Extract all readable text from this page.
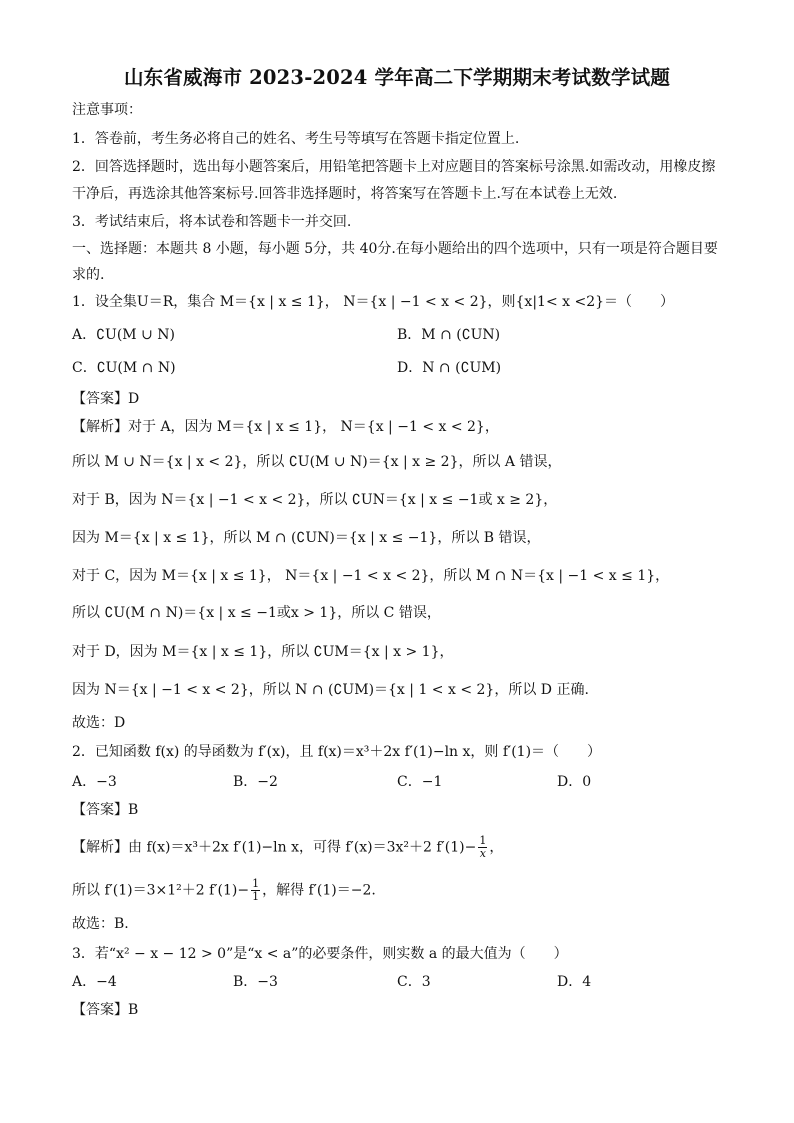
山东省威海市 2023-2024 学年高二下学期期末考试数学试题
注意事项：
1．答卷前，考生务必将自己的姓名、考生号等填写在答题卡指定位置上.
2．回答选择题时，选出每小题答案后，用铅笔把答题卡上对应题目的答案标号涂黑.如需改动，用橡皮擦
干净后，再选涂其他答案标号.回答非选择题时，将答案写在答题卡上.写在本试卷上无效.
3．考试结束后，将本试卷和答题卡一并交回.
一、选择题：本题共 8 小题，每小题 5分，共 40分.在每小题给出的四个选项中，只有一项是符合题目要
求的.
1．设全集U＝R，集合 M＝{x | x ≤ 1}， N＝{x | −1 < x < 2}，则{x|1< x <2}＝（　　）
A．∁U(M ∪ N)	B．M ∩ (∁UN)
C．∁U(M ∩ N)	D．N ∩ (∁UM)
【答案】D
【解析】对于 A，因为 M＝{x | x ≤ 1}， N＝{x | −1 < x < 2}，
所以 M ∪ N＝{x | x < 2}，所以 ∁U(M ∪ N)＝{x | x ≥ 2}，所以 A 错误，
对于 B，因为 N＝{x | −1 < x < 2}，所以 ∁UN＝{x | x ≤ −1或 x ≥ 2}，
因为 M＝{x | x ≤ 1}，所以 M ∩ (∁UN)＝{x | x ≤ −1}，所以 B 错误，
对于 C，因为 M＝{x | x ≤ 1}， N＝{x | −1 < x < 2}，所以 M ∩ N＝{x | −1 < x ≤ 1}，
所以 ∁U(M ∩ N)＝{x | x ≤ −1或x > 1}，所以 C 错误，
对于 D，因为 M＝{x | x ≤ 1}，所以 ∁UM＝{x | x > 1}，
因为 N＝{x | −1 < x < 2}，所以 N ∩ (∁UM)＝{x | 1 < x < 2}，所以 D 正确.
故选：D
2．已知函数 f(x) 的导函数为 f′(x)，且 f(x)＝x³＋2x f′(1)−ln x，则 f′(1)＝（　　）
A．−3	B．−2	C．−1	D．0
【答案】B
【解析】由 f(x)＝x³＋2x f′(1)−ln x，可得 f′(x)＝3x²＋2 $f'(1)- \frac{1}{x}$ ，
所以 f′(1)＝3×1²＋2 $f'(1)- \frac{1}{1}$ ，解得 f′(1)＝−2.
故选：B.
3．若“x² − x − 12 > 0”是“x < a”的必要条件，则实数 a 的最大值为（　　）
A．−4	B．−3	C．3	D．4
【答案】B
